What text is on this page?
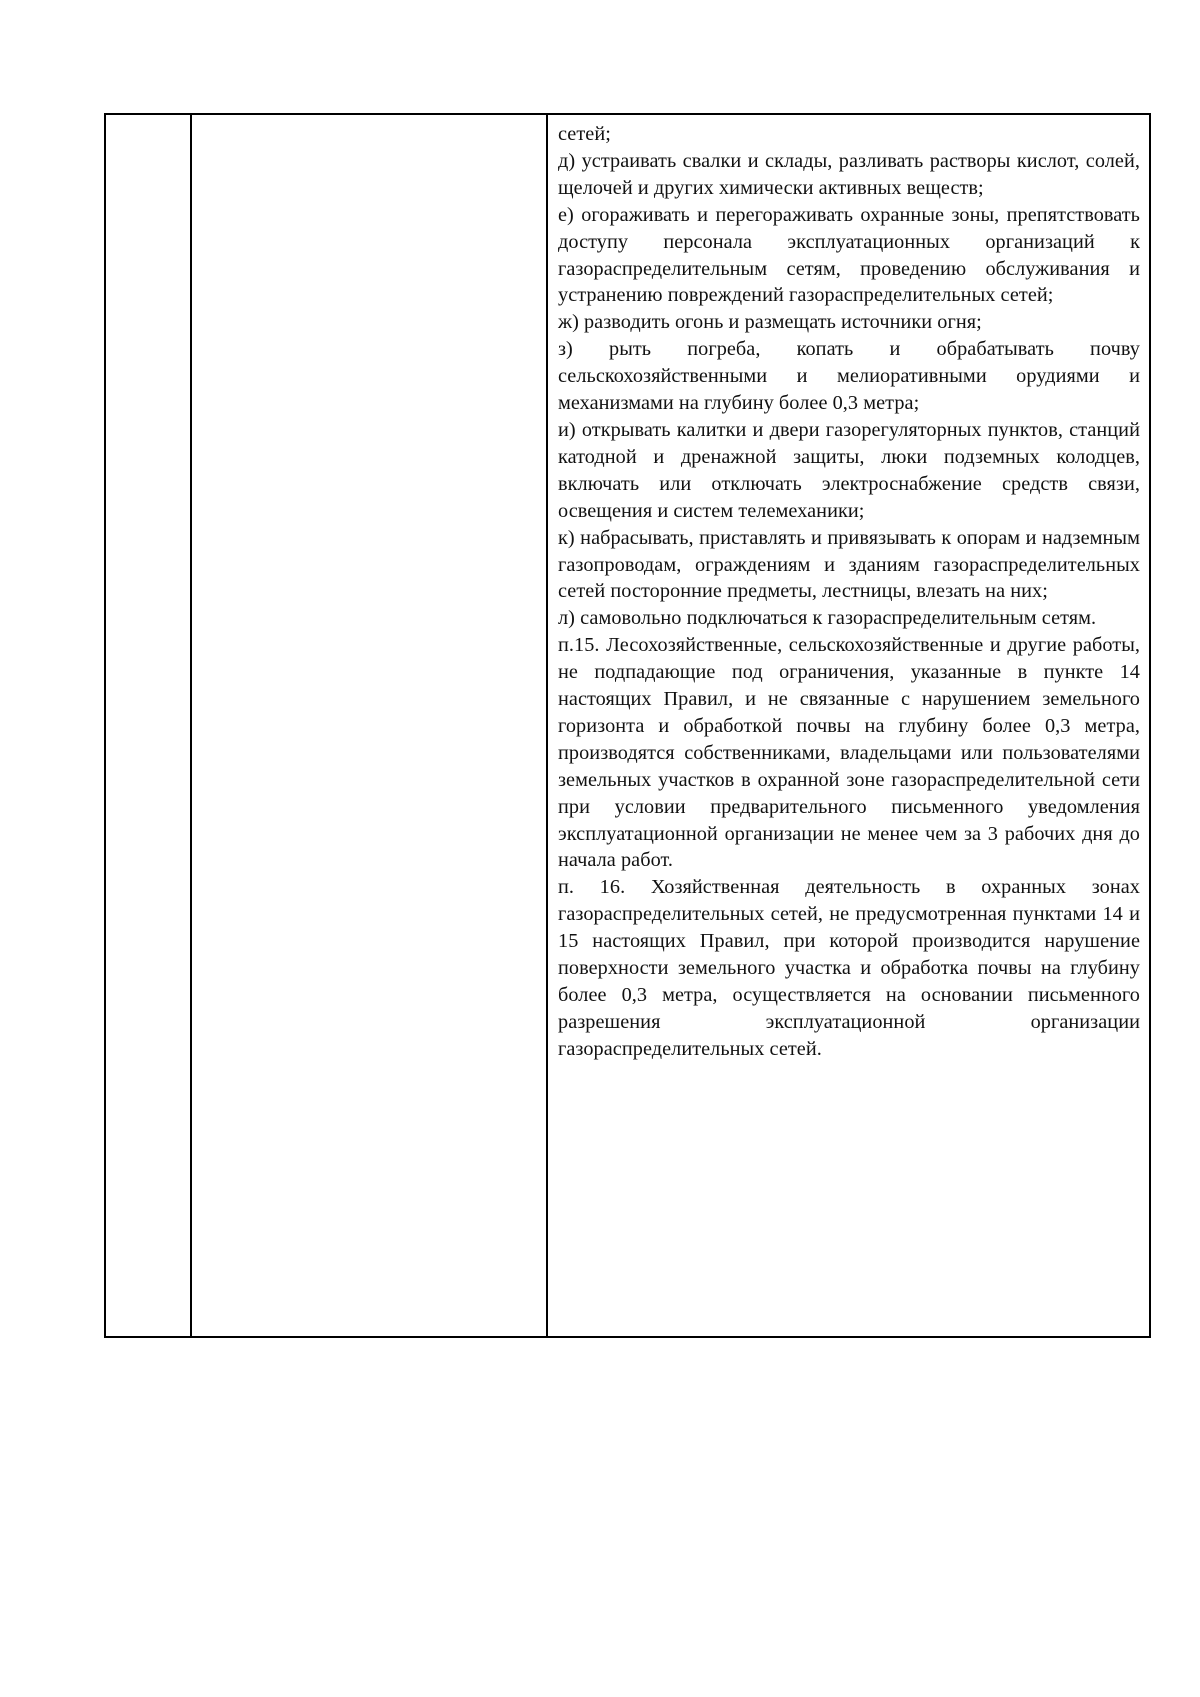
сетей;

д) устраивать свалки и склады, разливать растворы кислот, солей, щелочей и других химически активных веществ;

е) огораживать и перегораживать охранные зоны, препятствовать доступу персонала эксплуатационных организаций к газораспределительным сетям, проведению обслуживания и устранению повреждений газораспределительных сетей;

ж) разводить огонь и размещать источники огня;

з) рыть погреба, копать и обрабатывать почву сельскохозяйственными и мелиоративными орудиями и механизмами на глубину более 0,3 метра;

и) открывать калитки и двери газорегуляторных пунктов, станций катодной и дренажной защиты, люки подземных колодцев, включать или отключать электроснабжение средств связи, освещения и систем телемеханики;

к) набрасывать, приставлять и привязывать к опорам и надземным газопроводам, ограждениям и зданиям газораспределительных сетей посторонние предметы, лестницы, влезать на них;

л) самовольно подключаться к газораспределительным сетям.

п.15. Лесохозяйственные, сельскохозяйственные и другие работы, не подпадающие под ограничения, указанные в пункте 14 настоящих Правил, и не связанные с нарушением земельного горизонта и обработкой почвы на глубину более 0,3 метра, производятся собственниками, владельцами или пользователями земельных участков в охранной зоне газораспределительной сети при условии предварительного письменного уведомления эксплуатационной организации не менее чем за 3 рабочих дня до начала работ.

п. 16. Хозяйственная деятельность в охранных зонах газораспределительных сетей, не предусмотренная пунктами 14 и 15 настоящих Правил, при которой производится нарушение поверхности земельного участка и обработка почвы на глубину более 0,3 метра, осуществляется на основании письменного разрешения эксплуатационной организации газораспределительных сетей.
